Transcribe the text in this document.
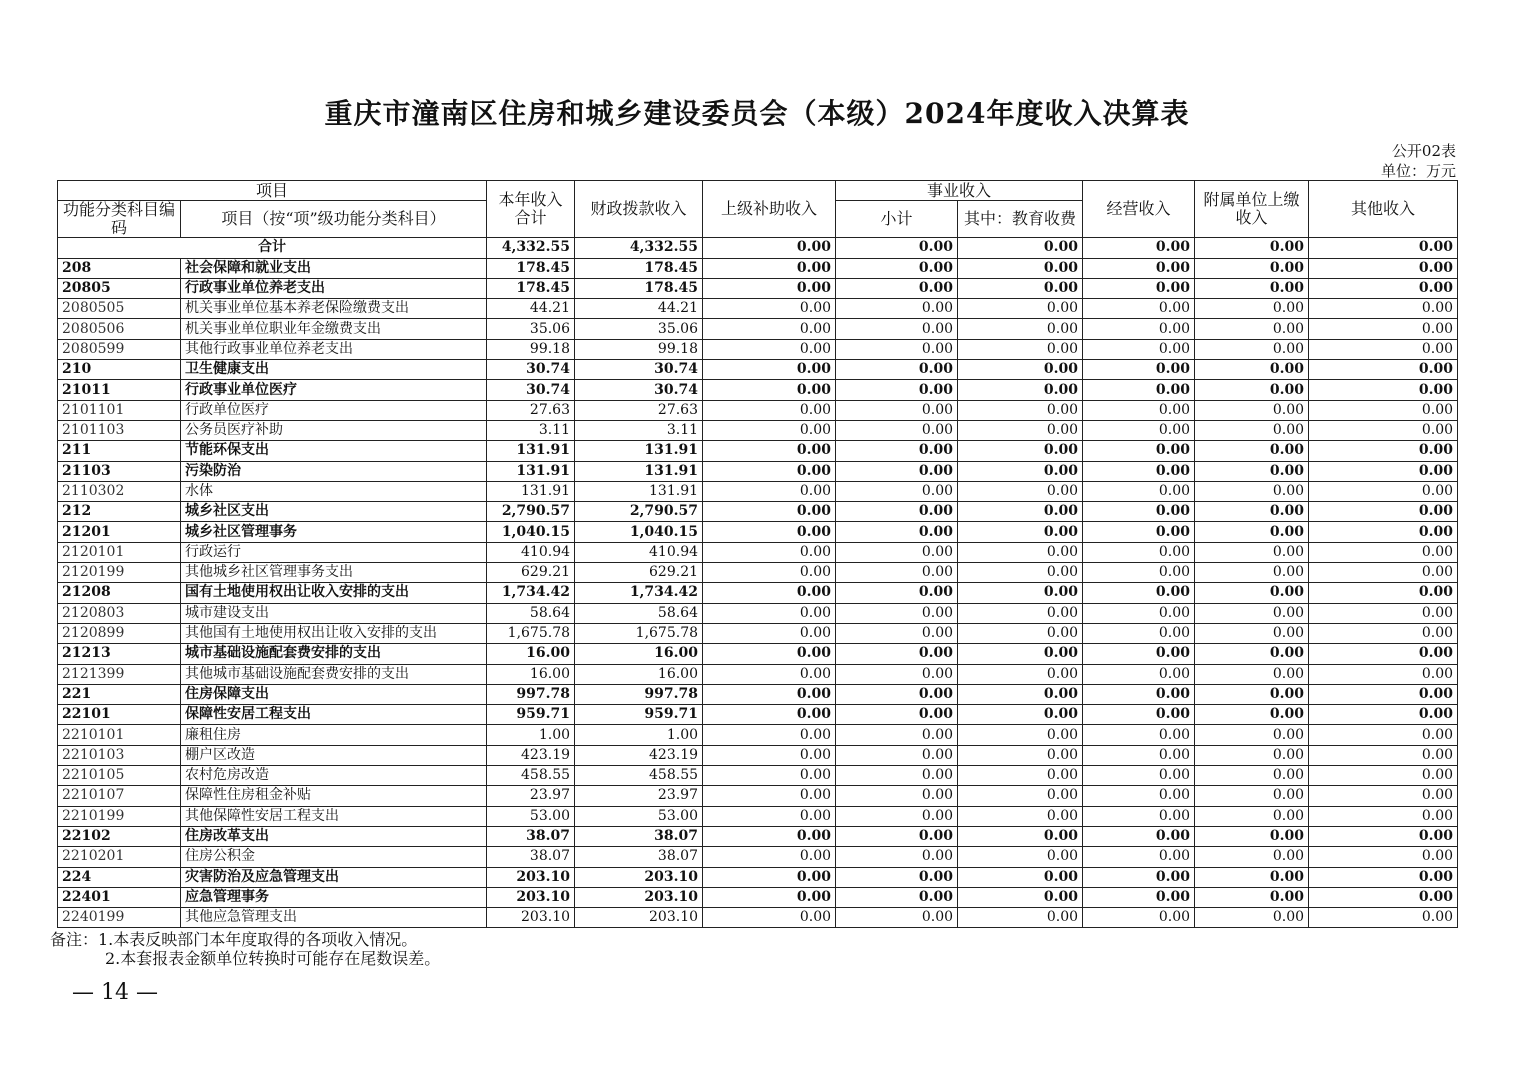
重庆市潼南区住房和城乡建设委员会（本级）2024年度收入决算表
公开02表
单位：万元
项目		本年收入合计	财政拨款收入	上级补助收入	事业收入		经营收入	附属单位上缴收入	其他收入
功能分类科目编码	项目（按“项”级功能分类科目）				小计	其中：教育收费			
合计		4,332.55	4,332.55	0.00	0.00	0.00	0.00	0.00	0.00
208	社会保障和就业支出	178.45	178.45	0.00	0.00	0.00	0.00	0.00	0.00
20805	行政事业单位养老支出	178.45	178.45	0.00	0.00	0.00	0.00	0.00	0.00
2080505	机关事业单位基本养老保险缴费支出	44.21	44.21	0.00	0.00	0.00	0.00	0.00	0.00
2080506	机关事业单位职业年金缴费支出	35.06	35.06	0.00	0.00	0.00	0.00	0.00	0.00
2080599	其他行政事业单位养老支出	99.18	99.18	0.00	0.00	0.00	0.00	0.00	0.00
210	卫生健康支出	30.74	30.74	0.00	0.00	0.00	0.00	0.00	0.00
21011	行政事业单位医疗	30.74	30.74	0.00	0.00	0.00	0.00	0.00	0.00
2101101	行政单位医疗	27.63	27.63	0.00	0.00	0.00	0.00	0.00	0.00
2101103	公务员医疗补助	3.11	3.11	0.00	0.00	0.00	0.00	0.00	0.00
211	节能环保支出	131.91	131.91	0.00	0.00	0.00	0.00	0.00	0.00
21103	污染防治	131.91	131.91	0.00	0.00	0.00	0.00	0.00	0.00
2110302	水体	131.91	131.91	0.00	0.00	0.00	0.00	0.00	0.00
212	城乡社区支出	2,790.57	2,790.57	0.00	0.00	0.00	0.00	0.00	0.00
21201	城乡社区管理事务	1,040.15	1,040.15	0.00	0.00	0.00	0.00	0.00	0.00
2120101	行政运行	410.94	410.94	0.00	0.00	0.00	0.00	0.00	0.00
2120199	其他城乡社区管理事务支出	629.21	629.21	0.00	0.00	0.00	0.00	0.00	0.00
21208	国有土地使用权出让收入安排的支出	1,734.42	1,734.42	0.00	0.00	0.00	0.00	0.00	0.00
2120803	城市建设支出	58.64	58.64	0.00	0.00	0.00	0.00	0.00	0.00
2120899	其他国有土地使用权出让收入安排的支出	1,675.78	1,675.78	0.00	0.00	0.00	0.00	0.00	0.00
21213	城市基础设施配套费安排的支出	16.00	16.00	0.00	0.00	0.00	0.00	0.00	0.00
2121399	其他城市基础设施配套费安排的支出	16.00	16.00	0.00	0.00	0.00	0.00	0.00	0.00
221	住房保障支出	997.78	997.78	0.00	0.00	0.00	0.00	0.00	0.00
22101	保障性安居工程支出	959.71	959.71	0.00	0.00	0.00	0.00	0.00	0.00
2210101	廉租住房	1.00	1.00	0.00	0.00	0.00	0.00	0.00	0.00
2210103	棚户区改造	423.19	423.19	0.00	0.00	0.00	0.00	0.00	0.00
2210105	农村危房改造	458.55	458.55	0.00	0.00	0.00	0.00	0.00	0.00
2210107	保障性住房租金补贴	23.97	23.97	0.00	0.00	0.00	0.00	0.00	0.00
2210199	其他保障性安居工程支出	53.00	53.00	0.00	0.00	0.00	0.00	0.00	0.00
22102	住房改革支出	38.07	38.07	0.00	0.00	0.00	0.00	0.00	0.00
2210201	住房公积金	38.07	38.07	0.00	0.00	0.00	0.00	0.00	0.00
224	灾害防治及应急管理支出	203.10	203.10	0.00	0.00	0.00	0.00	0.00	0.00
22401	应急管理事务	203.10	203.10	0.00	0.00	0.00	0.00	0.00	0.00
2240199	其他应急管理支出	203.10	203.10	0.00	0.00	0.00	0.00	0.00	0.00
备注：1.本表反映部门本年度取得的各项收入情况。
2.本套报表金额单位转换时可能存在尾数误差。
— 14 —
